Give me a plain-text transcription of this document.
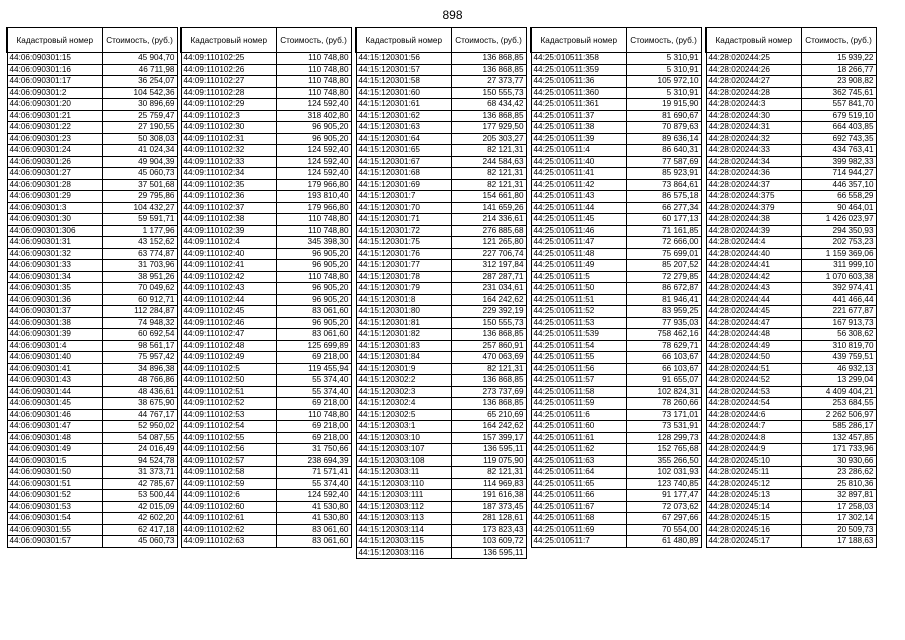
898
Кадастровый номер	Стоимость, (руб.)
44:06:090301:15	45 904,70
44:06:090301:16	46 711,98
44:06:090301:17	36 254,07
44:06:090301:2	104 542,36
44:06:090301:20	30 896,69
44:06:090301:21	25 759,47
44:06:090301:22	27 190,55
44:06:090301:23	50 308,03
44:06:090301:24	41 024,34
44:06:090301:26	49 904,39
44:06:090301:27	45 060,73
44:06:090301:28	37 501,68
44:06:090301:29	29 795,86
44:06:090301:3	104 432,27
44:06:090301:30	59 591,71
44:06:090301:306	1 177,96
44:06:090301:31	43 152,62
44:06:090301:32	63 774,87
44:06:090301:33	31 703,96
44:06:090301:34	38 951,26
44:06:090301:35	70 049,62
44:06:090301:36	60 912,71
44:06:090301:37	112 284,87
44:06:090301:38	74 948,32
44:06:090301:39	60 692,54
44:06:090301:4	98 561,17
44:06:090301:40	75 957,42
44:06:090301:41	34 896,38
44:06:090301:43	48 766,86
44:06:090301:44	48 436,61
44:06:090301:45	38 675,90
44:06:090301:46	44 767,17
44:06:090301:47	52 950,02
44:06:090301:48	54 087,55
44:06:090301:49	24 016,49
44:06:090301:5	94 524,78
44:06:090301:50	31 373,71
44:06:090301:51	42 785,67
44:06:090301:52	53 500,44
44:06:090301:53	42 015,09
44:06:090301:54	42 602,20
44:06:090301:55	62 417,18
44:06:090301:57	45 060,73
Кадастровый номер	Стоимость, (руб.)
44:09:110102:25	110 748,80
44:09:110102:26	110 748,80
44:09:110102:27	110 748,80
44:09:110102:28	110 748,80
44:09:110102:29	124 592,40
44:09:110102:3	318 402,80
44:09:110102:30	96 905,20
44:09:110102:31	96 905,20
44:09:110102:32	124 592,40
44:09:110102:33	124 592,40
44:09:110102:34	124 592,40
44:09:110102:35	179 966,80
44:09:110102:36	193 810,40
44:09:110102:37	179 966,80
44:09:110102:38	110 748,80
44:09:110102:39	110 748,80
44:09:110102:4	345 398,30
44:09:110102:40	96 905,20
44:09:110102:41	96 905,20
44:09:110102:42	110 748,80
44:09:110102:43	96 905,20
44:09:110102:44	96 905,20
44:09:110102:45	83 061,60
44:09:110102:46	96 905,20
44:09:110102:47	83 061,60
44:09:110102:48	125 699,89
44:09:110102:49	69 218,00
44:09:110102:5	119 455,94
44:09:110102:50	55 374,40
44:09:110102:51	55 374,40
44:09:110102:52	69 218,00
44:09:110102:53	110 748,80
44:09:110102:54	69 218,00
44:09:110102:55	69 218,00
44:09:110102:56	31 750,66
44:09:110102:57	238 694,39
44:09:110102:58	71 571,41
44:09:110102:59	55 374,40
44:09:110102:6	124 592,40
44:09:110102:60	41 530,80
44:09:110102:61	41 530,80
44:09:110102:62	83 061,60
44:09:110102:63	83 061,60
Кадастровый номер	Стоимость, (руб.)
44:15:120301:56	136 868,85
44:15:120301:57	136 868,85
44:15:120301:58	27 373,77
44:15:120301:60	150 555,73
44:15:120301:61	68 434,42
44:15:120301:62	136 868,85
44:15:120301:63	177 929,50
44:15:120301:64	205 303,27
44:15:120301:65	82 121,31
44:15:120301:67	244 584,63
44:15:120301:68	82 121,31
44:15:120301:69	82 121,31
44:15:120301:7	154 661,80
44:15:120301:70	141 659,26
44:15:120301:71	214 336,61
44:15:120301:72	276 885,68
44:15:120301:75	121 265,80
44:15:120301:76	227 706,74
44:15:120301:77	312 197,84
44:15:120301:78	287 287,71
44:15:120301:79	231 034,61
44:15:120301:8	164 242,62
44:15:120301:80	229 392,19
44:15:120301:81	150 555,73
44:15:120301:82	136 868,85
44:15:120301:83	257 860,91
44:15:120301:84	470 063,69
44:15:120301:9	82 121,31
44:15:120302:2	136 868,85
44:15:120302:3	273 737,69
44:15:120302:4	136 868,85
44:15:120302:5	65 210,69
44:15:120303:1	164 242,62
44:15:120303:10	157 399,17
44:15:120303:107	136 595,11
44:15:120303:108	119 075,90
44:15:120303:11	82 121,31
44:15:120303:110	114 969,83
44:15:120303:111	191 616,38
44:15:120303:112	187 373,45
44:15:120303:113	281 128,61
44:15:120303:114	173 823,43
44:15:120303:115	103 609,72
44:15:120303:116	136 595,11
Кадастровый номер	Стоимость, (руб.)
44:25:010511:358	5 310,91
44:25:010511:359	5 310,91
44:25:010511:36	105 972,10
44:25:010511:360	5 310,91
44:25:010511:361	19 915,90
44:25:010511:37	81 690,67
44:25:010511:38	70 879,63
44:25:010511:39	89 636,14
44:25:010511:4	86 640,31
44:25:010511:40	77 587,69
44:25:010511:41	85 923,91
44:25:010511:42	73 864,61
44:25:010511:43	86 575,18
44:25:010511:44	66 277,34
44:25:010511:45	60 177,13
44:25:010511:46	71 161,85
44:25:010511:47	72 666,00
44:25:010511:48	75 699,01
44:25:010511:49	85 207,52
44:25:010511:5	72 279,85
44:25:010511:50	86 672,87
44:25:010511:51	81 946,41
44:25:010511:52	83 959,25
44:25:010511:53	77 935,03
44:25:010511:539	758 462,16
44:25:010511:54	78 629,71
44:25:010511:55	66 103,67
44:25:010511:56	66 103,67
44:25:010511:57	91 655,07
44:25:010511:58	102 824,31
44:25:010511:59	78 260,66
44:25:010511:6	73 171,01
44:25:010511:60	73 531,91
44:25:010511:61	128 299,73
44:25:010511:62	152 765,68
44:25:010511:63	355 266,50
44:25:010511:64	102 031,93
44:25:010511:65	123 740,85
44:25:010511:66	91 177,47
44:25:010511:67	72 073,62
44:25:010511:68	67 297,66
44:25:010511:69	70 554,00
44:25:010511:7	61 480,89
Кадастровый номер	Стоимость, (руб.)
44:28:020244:25	15 939,22
44:28:020244:26	18 266,77
44:28:020244:27	23 908,82
44:28:020244:28	362 745,61
44:28:020244:3	557 841,70
44:28:020244:30	679 519,10
44:28:020244:31	664 403,85
44:28:020244:32	692 743,35
44:28:020244:33	434 763,41
44:28:020244:34	399 982,33
44:28:020244:36	714 944,27
44:28:020244:37	446 357,10
44:28:020244:375	66 558,29
44:28:020244:379	90 464,01
44:28:020244:38	1 426 023,97
44:28:020244:39	294 350,93
44:28:020244:4	202 753,23
44:28:020244:40	1 159 369,06
44:28:020244:41	311 999,10
44:28:020244:42	1 070 603,38
44:28:020244:43	392 974,41
44:28:020244:44	441 466,44
44:28:020244:45	221 677,87
44:28:020244:47	167 913,73
44:28:020244:48	56 308,62
44:28:020244:49	310 819,70
44:28:020244:50	439 759,51
44:28:020244:51	46 932,13
44:28:020244:52	13 299,04
44:28:020244:53	4 409 404,21
44:28:020244:54	253 684,55
44:28:020244:6	2 262 506,97
44:28:020244:7	585 286,17
44:28:020244:8	132 457,85
44:28:020244:9	171 733,96
44:28:020245:10	30 930,66
44:28:020245:11	23 286,62
44:28:020245:12	25 810,36
44:28:020245:13	32 897,81
44:28:020245:14	17 258,03
44:28:020245:15	17 302,14
44:28:020245:16	20 509,73
44:28:020245:17	17 188,63
